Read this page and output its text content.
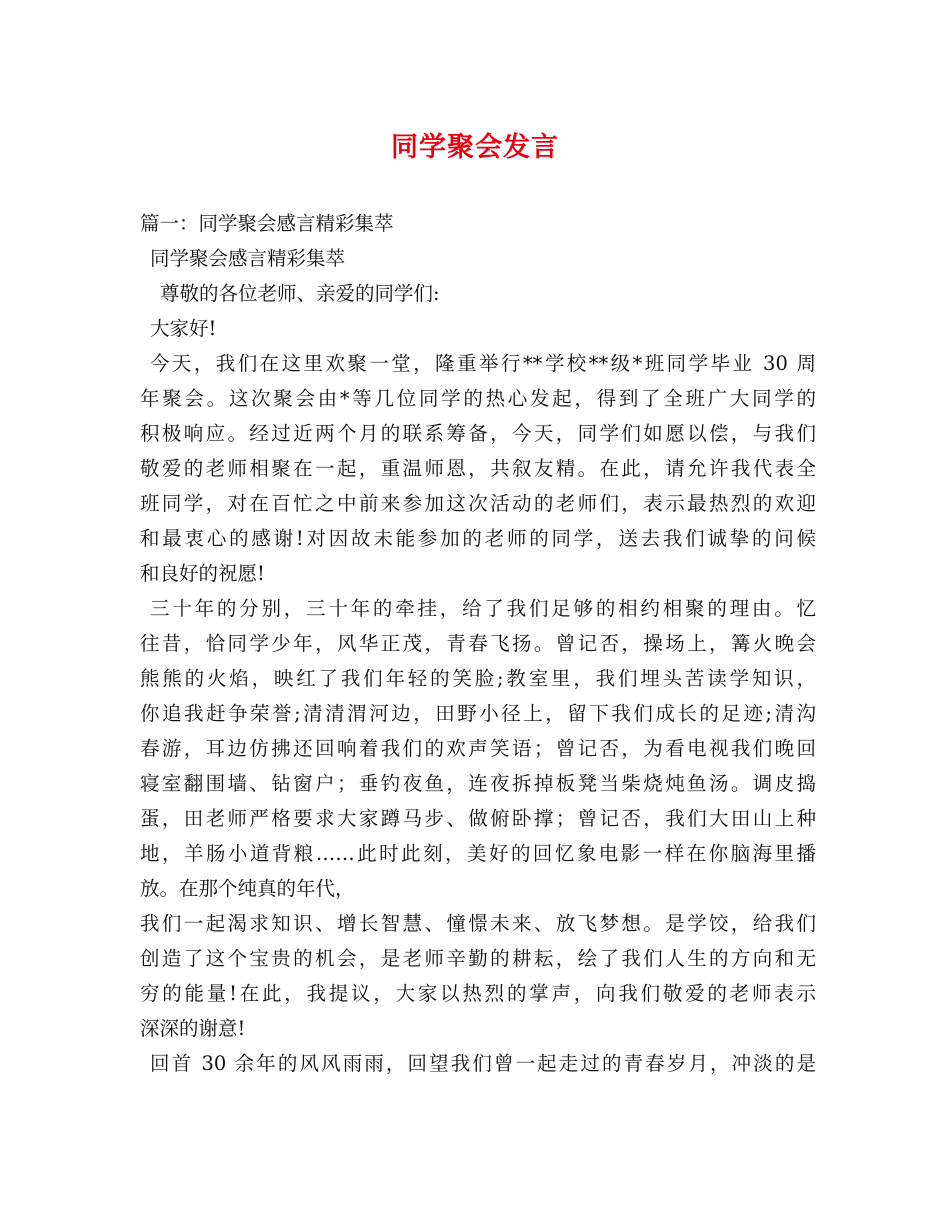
同学聚会发言
篇一：同学聚会感言精彩集萃
同学聚会感言精彩集萃
尊敬的各位老师、亲爱的同学们:
大家好!
今天，我们在这里欢聚一堂，隆重举行**学校**级*班同学毕业 30 周
年聚会。这次聚会由*等几位同学的热心发起，得到了全班广大同学的
积极响应。经过近两个月的联系筹备，今天，同学们如愿以偿，与我们
敬爱的老师相聚在一起，重温师恩，共叙友精。在此，请允许我代表全
班同学，对在百忙之中前来参加这次活动的老师们，表示最热烈的欢迎
和最衷心的感谢!对因故未能参加的老师的同学，送去我们诚挚的问候
和良好的祝愿!
三十年的分别，三十年的牵挂，给了我们足够的相约相聚的理由。忆
往昔，恰同学少年，风华正茂，青春飞扬。曾记否，操场上，篝火晚会
熊熊的火焰，映红了我们年轻的笑脸;教室里，我们埋头苦读学知识，
你追我赶争荣誉;清清渭河边，田野小径上，留下我们成长的足迹;清沟
春游，耳边仿拂还回响着我们的欢声笑语；曾记否，为看电视我们晚回
寝室翻围墙、钻窗户；垂钓夜鱼，连夜拆掉板凳当柴烧炖鱼汤。调皮捣
蛋，田老师严格要求大家蹲马步、做俯卧撑；曾记否，我们大田山上种
地，羊肠小道背粮……此时此刻，美好的回忆象电影一样在你脑海里播
放。在那个纯真的年代，
我们一起渴求知识、增长智慧、憧憬未来、放飞梦想。是学饺，给我们
创造了这个宝贵的机会，是老师辛勤的耕耘，绘了我们人生的方向和无
穷的能量!在此，我提议，大家以热烈的掌声，向我们敬爱的老师表示
深深的谢意!
回首 30 余年的风风雨雨，回望我们曾一起走过的青春岁月，冲淡的是
